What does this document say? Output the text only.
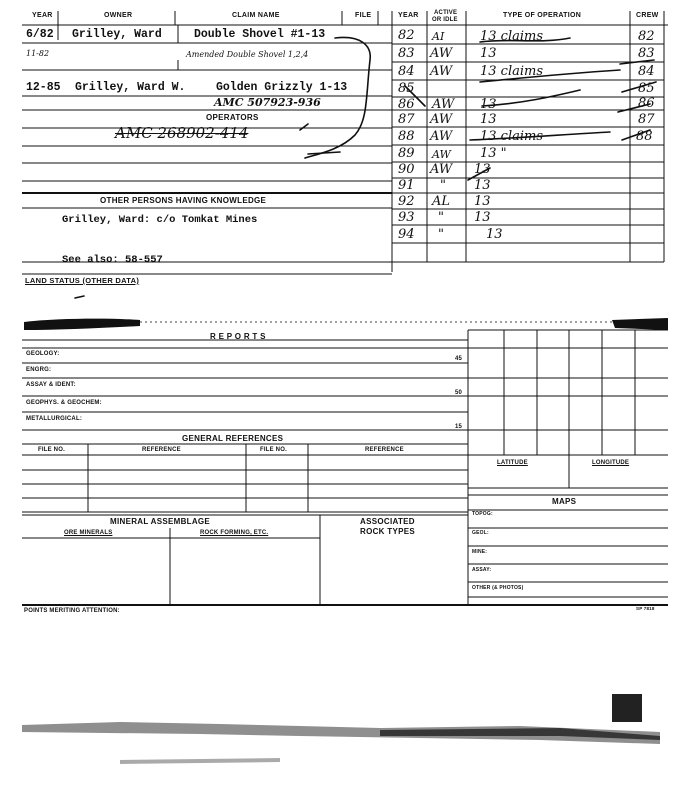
YEAR	OWNER	CLAIM NAME	FILE	YEAR	ACTIVE
OR IDLE
TYPE OF OPERATION	CREW
6/82 Grilley, Ward	Double Shovel #1-13
11-82	Amended Double Shovel 1,2,4
12-85 Grilley, Ward W.	Golden Grizzly 1-13
AMC 507923-936
OPERATORS
AMC 268902-414
82 AI	13 claims	82
83 AW 13	83
84 AW 13 claims	84
85	85
86 AW 13	86
87 AW 13	87
88 AW 13 claims	88
89 AW 13 "
90 AW 13
91 " 13
92 AL 13
93 " 13
94 "	13
OTHER PERSONS HAVING KNOWLEDGE
Grilley, Ward: c/o Tomkat Mines
See also: 58-557
LAND STATUS (OTHER DATA)
R E P O R T S
GEOLOGY:
45
ENGRG:
ASSAY & IDENT:
50
GEOPHYS. & GEOCHEM:
METALLURGICAL:
15
GENERAL REFERENCES
FILE NO.	REFERENCE	FILE NO.	REFERENCE
LATITUDE	LONGITUDE
MAPS
TOPOG:
GEOL:
MINE:
ASSAY:
OTHER (& PHOTOS)
MINERAL ASSEMBLAGE
ORE MINERALS	ROCK FORMING, ETC.
ASSOCIATED
ROCK TYPES
POINTS MERITING ATTENTION:	SP 7818
